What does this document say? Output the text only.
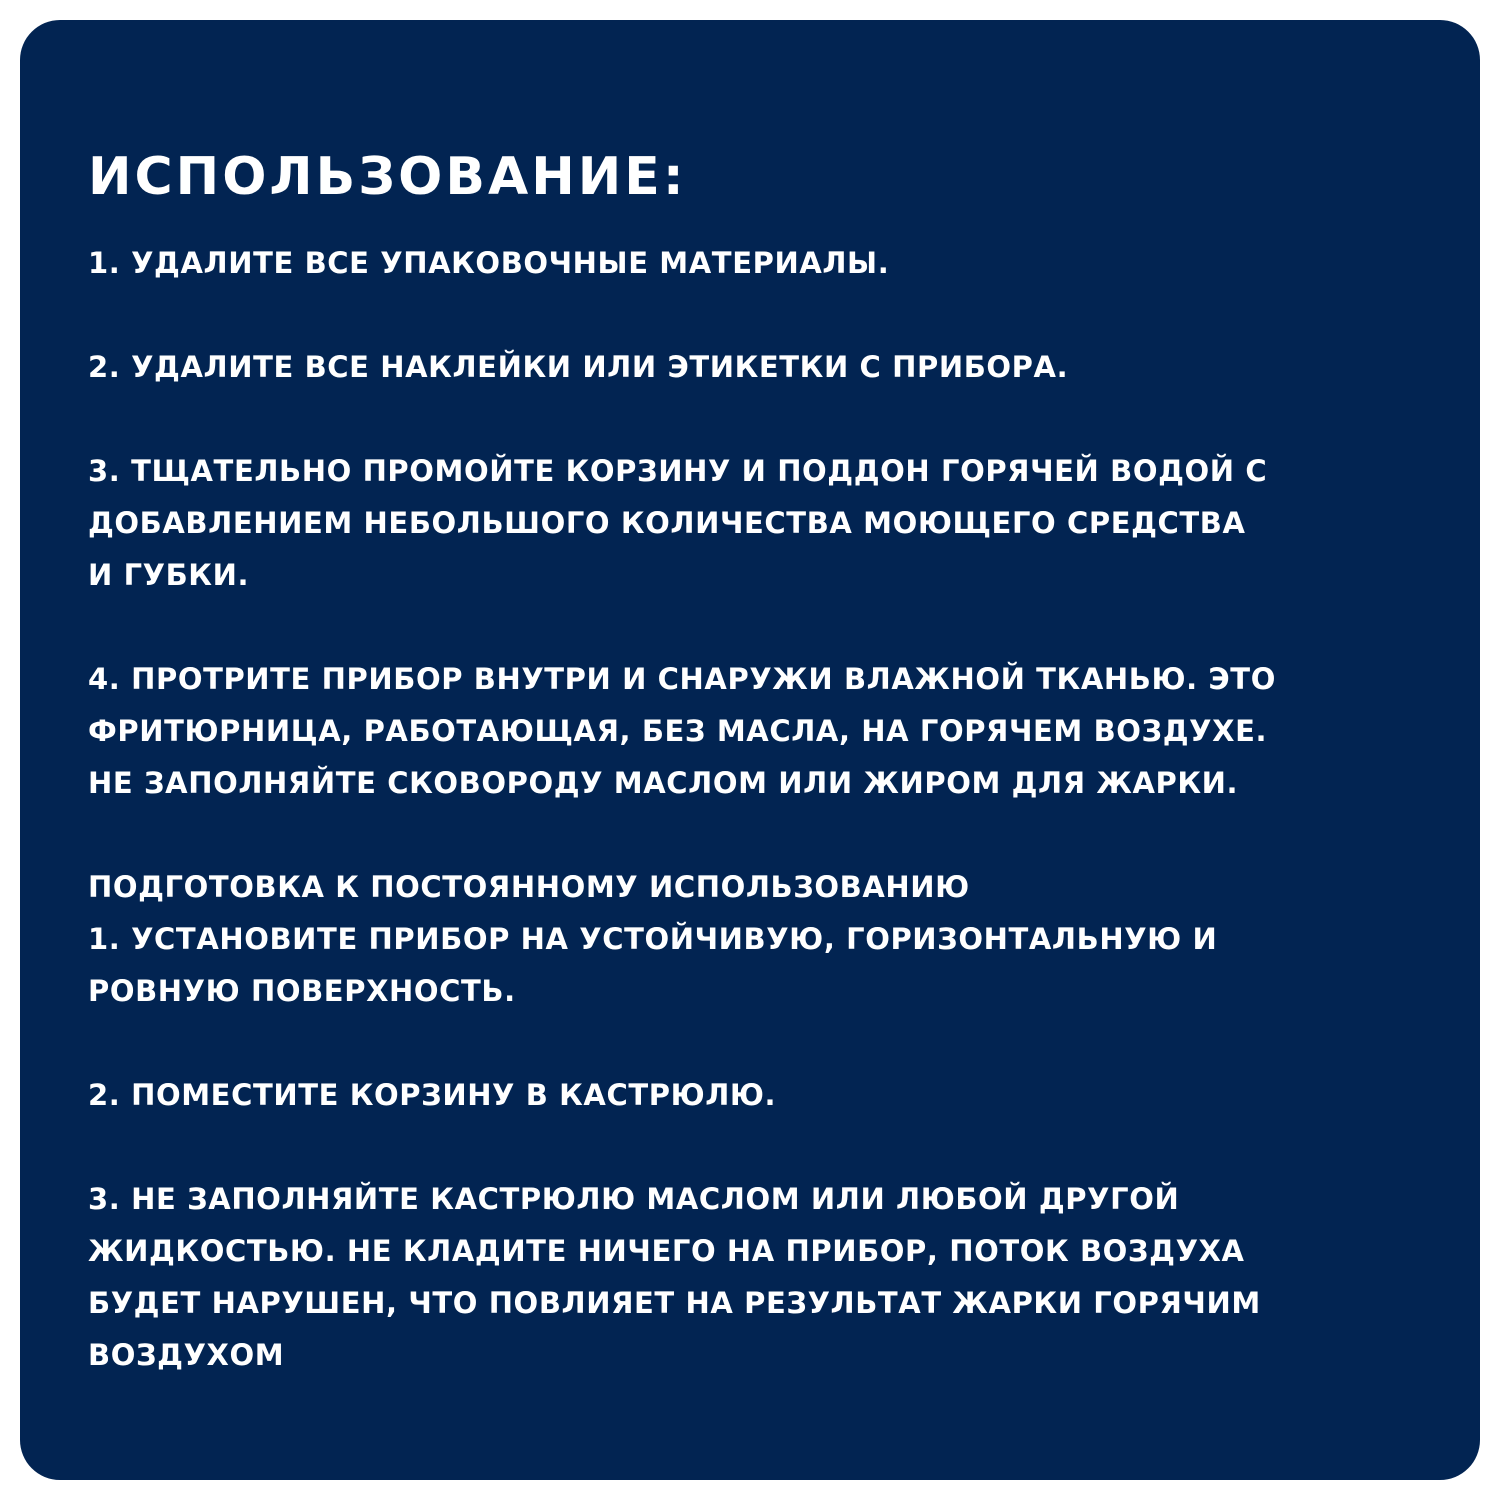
ИСПОЛЬЗОВАНИЕ:
1. УДАЛИТЕ ВСЕ УПАКОВОЧНЫЕ МАТЕРИАЛЫ.
2. УДАЛИТЕ ВСЕ НАКЛЕЙКИ ИЛИ ЭТИКЕТКИ С ПРИБОРА.
3. ТЩАТЕЛЬНО ПРОМОЙТЕ КОРЗИНУ И ПОДДОН ГОРЯЧЕЙ ВОДОЙ С
ДОБАВЛЕНИЕМ НЕБОЛЬШОГО КОЛИЧЕСТВА МОЮЩЕГО СРЕДСТВА
И ГУБКИ.
4. ПРОТРИТЕ ПРИБОР ВНУТРИ И СНАРУЖИ ВЛАЖНОЙ ТКАНЬЮ. ЭТО
ФРИТЮРНИЦА, РАБОТАЮЩАЯ, БЕЗ МАСЛА, НА ГОРЯЧЕМ ВОЗДУХЕ.
НЕ ЗАПОЛНЯЙТЕ СКОВОРОДУ МАСЛОМ ИЛИ ЖИРОМ ДЛЯ ЖАРКИ.
ПОДГОТОВКА К ПОСТОЯННОМУ ИСПОЛЬЗОВАНИЮ
1. УСТАНОВИТЕ ПРИБОР НА УСТОЙЧИВУЮ, ГОРИЗОНТАЛЬНУЮ И
РОВНУЮ ПОВЕРХНОСТЬ.
2. ПОМЕСТИТЕ КОРЗИНУ В КАСТРЮЛЮ.
3. НЕ ЗАПОЛНЯЙТЕ КАСТРЮЛЮ МАСЛОМ ИЛИ ЛЮБОЙ ДРУГОЙ
ЖИДКОСТЬЮ. НЕ КЛАДИТЕ НИЧЕГО НА ПРИБОР, ПОТОК ВОЗДУХА
БУДЕТ НАРУШЕН, ЧТО ПОВЛИЯЕТ НА РЕЗУЛЬТАТ ЖАРКИ ГОРЯЧИМ
ВОЗДУХОМ
